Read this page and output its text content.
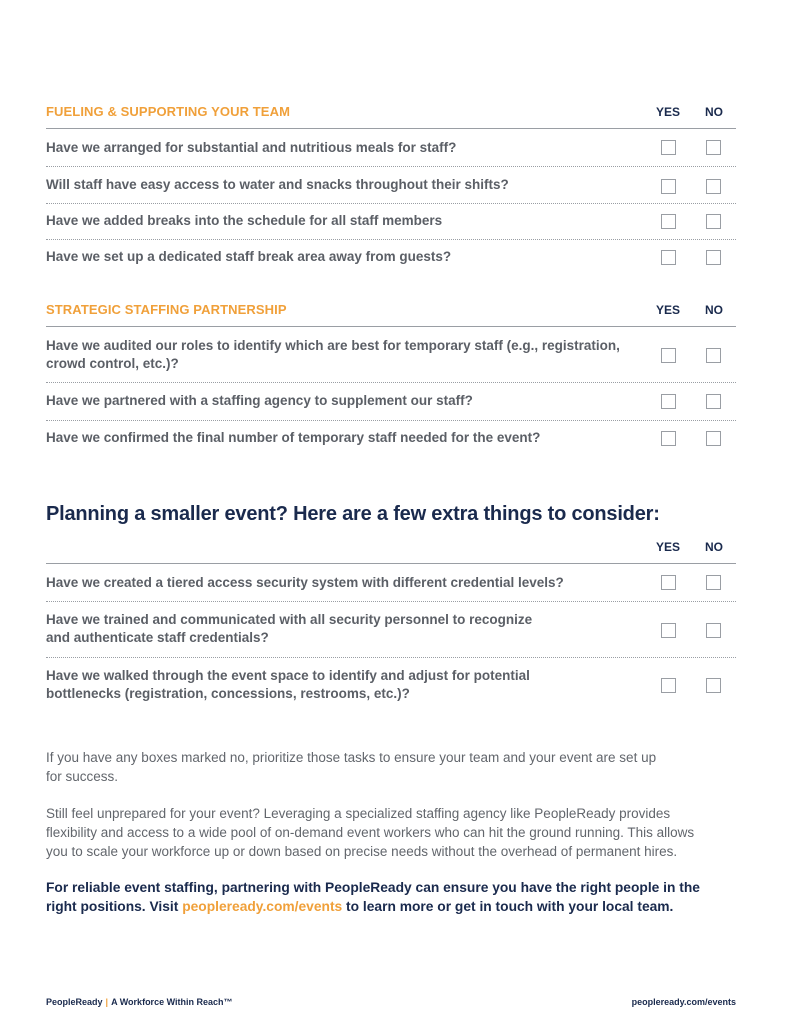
FUELING & SUPPORTING YOUR TEAM	YES NO
Have we arranged for substantial and nutritious meals for staff?
Will staff have easy access to water and snacks throughout their shifts?
Have we added breaks into the schedule for all staff members
Have we set up a dedicated staff break area away from guests?
STRATEGIC STAFFING PARTNERSHIP	YES NO
Have we audited our roles to identify which are best for temporary staff (e.g., registration,
crowd control, etc.)?
Have we partnered with a staffing agency to supplement our staff?
Have we confirmed the final number of temporary staff needed for the event?
Planning a smaller event? Here are a few extra things to consider:
YES NO
Have we created a tiered access security system with different credential levels?
Have we trained and communicated with all security personnel to recognize
and authenticate staff credentials?
Have we walked through the event space to identify and adjust for potential
bottlenecks (registration, concessions, restrooms, etc.)?
If you have any boxes marked no, prioritize those tasks to ensure your team and your event are set up
for success.
Still feel unprepared for your event? Leveraging a specialized staffing agency like PeopleReady provides
flexibility and access to a wide pool of on-demand event workers who can hit the ground running. This allows
you to scale your workforce up or down based on precise needs without the overhead of permanent hires.
For reliable event staffing, partnering with PeopleReady can ensure you have the right people in the
right positions. Visit peopleready.com/events to learn more or get in touch with your local team.
PeopleReady | A Workforce Within Reach™	peopleready.com/events
